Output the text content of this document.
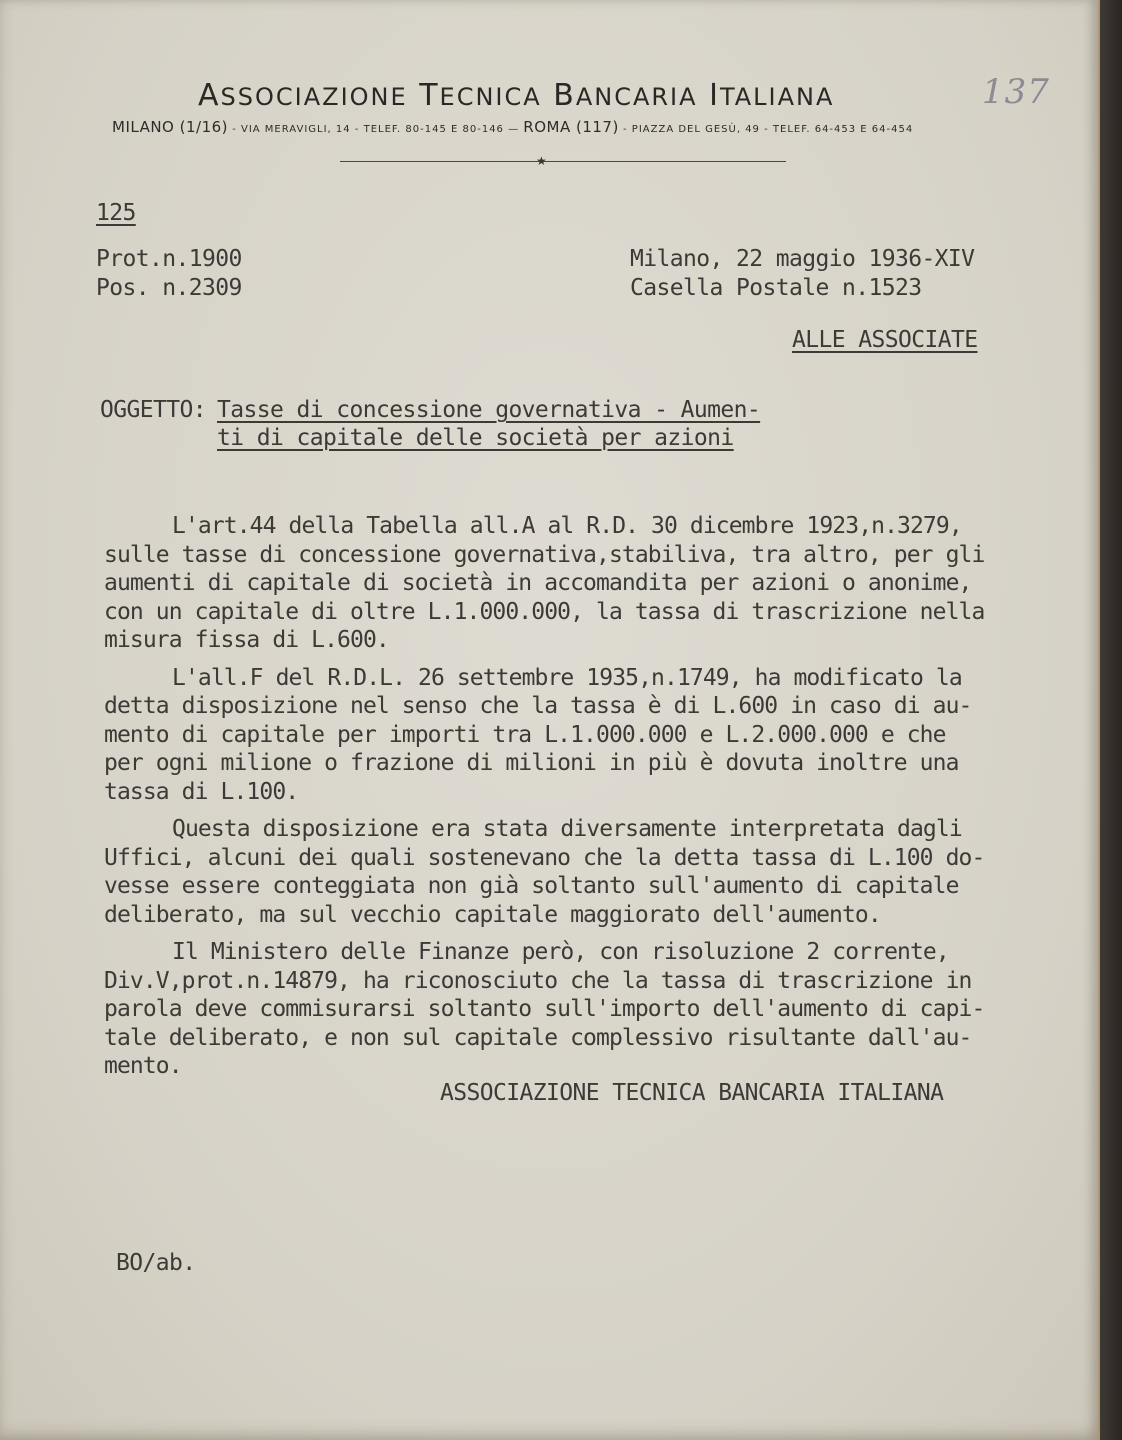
ASSOCIAZIONE TECNICA BANCARIA ITALIANA
MILANO (1/16) - VIA MERAVIGLI, 14 - TELEF. 80-145 E 80-146 — ROMA (117) - PIAZZA DEL GESÙ, 49 - TELEF. 64-453 E 64-454
★
137
125
Prot.n.1900
Pos. n.2309
Milano, 22 maggio 1936-XIV
Casella Postale n.1523
ALLE ASSOCIATE
OGGETTO: Tasse di concessione governativa - Aumen-
ti di capitale delle società per azioni

L'art.44 della Tabella all.A al R.D. 30 dicembre 1923,n.3279,
sulle tasse di concessione governativa,stabiliva, tra altro, per gli
aumenti di capitale di società in accomandita per azioni o anonime,
con un capitale di oltre L.1.000.000, la tassa di trascrizione nella
misura fissa di L.600.

L'all.F del R.D.L. 26 settembre 1935,n.1749, ha modificato la
detta disposizione nel senso che la tassa è di L.600 in caso di au-
mento di capitale per importi tra L.1.000.000 e L.2.000.000 e che
per ogni milione o frazione di milioni in più è dovuta inoltre una
tassa di L.100.

Questa disposizione era stata diversamente interpretata dagli
Uffici, alcuni dei quali sostenevano che la detta tassa di L.100 do-
vesse essere conteggiata non già soltanto sull'aumento di capitale
deliberato, ma sul vecchio capitale maggiorato dell'aumento.

Il Ministero delle Finanze però, con risoluzione 2 corrente,
Div.V,prot.n.14879, ha riconosciuto che la tassa di trascrizione in
parola deve commisurarsi soltanto sull'importo dell'aumento di capi-
tale deliberato, e non sul capitale complessivo risultante dall'au-
mento.

ASSOCIAZIONE TECNICA BANCARIA ITALIANA
BO/ab.
